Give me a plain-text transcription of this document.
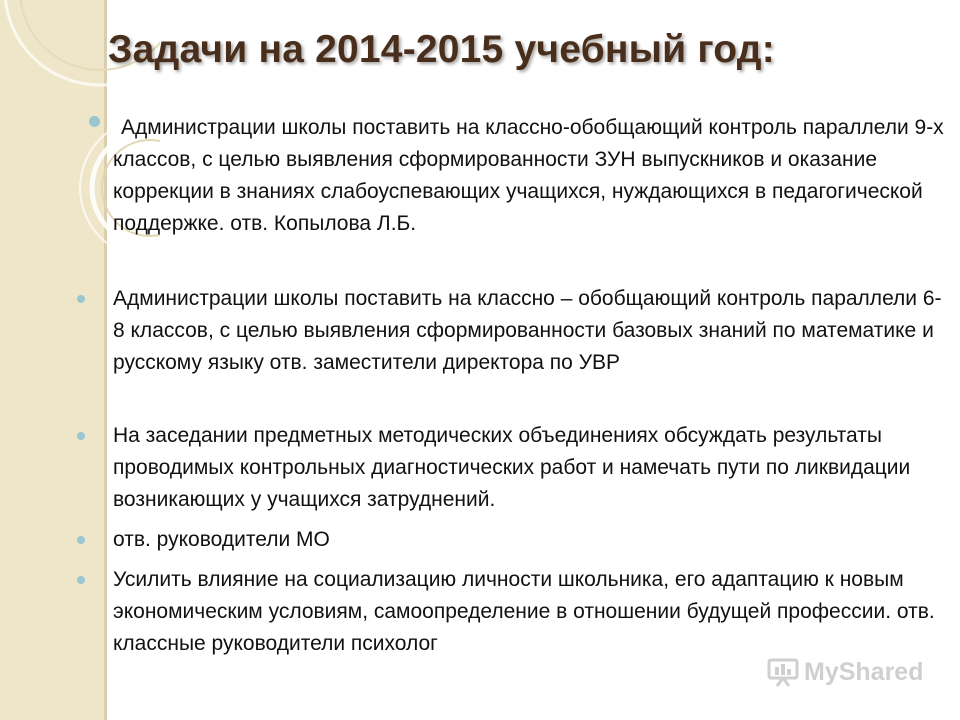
Задачи на 2014-2015 учебный год:
Администрации школы поставить на классно-обобщающий контроль параллели 9-х классов, с целью выявления сформированности ЗУН выпускников и оказание коррекции в знаниях слабоуспевающих учащихся, нуждающихся в педагогической поддержке. отв. Копылова Л.Б.
Администрации школы поставить на классно – обобщающий контроль параллели 6-8 классов, с целью выявления сформированности базовых знаний по математике и русскому языку отв. заместители директора по УВР
На заседании предметных методических объединениях обсуждать результаты проводимых контрольных диагностических работ и намечать пути по ликвидации возникающих у учащихся затруднений.
отв. руководители МО
Усилить влияние на социализацию личности школьника, его адаптацию к новым экономическим условиям, самоопределение в отношении будущей профессии. отв. классные руководители психолог
MyShared
